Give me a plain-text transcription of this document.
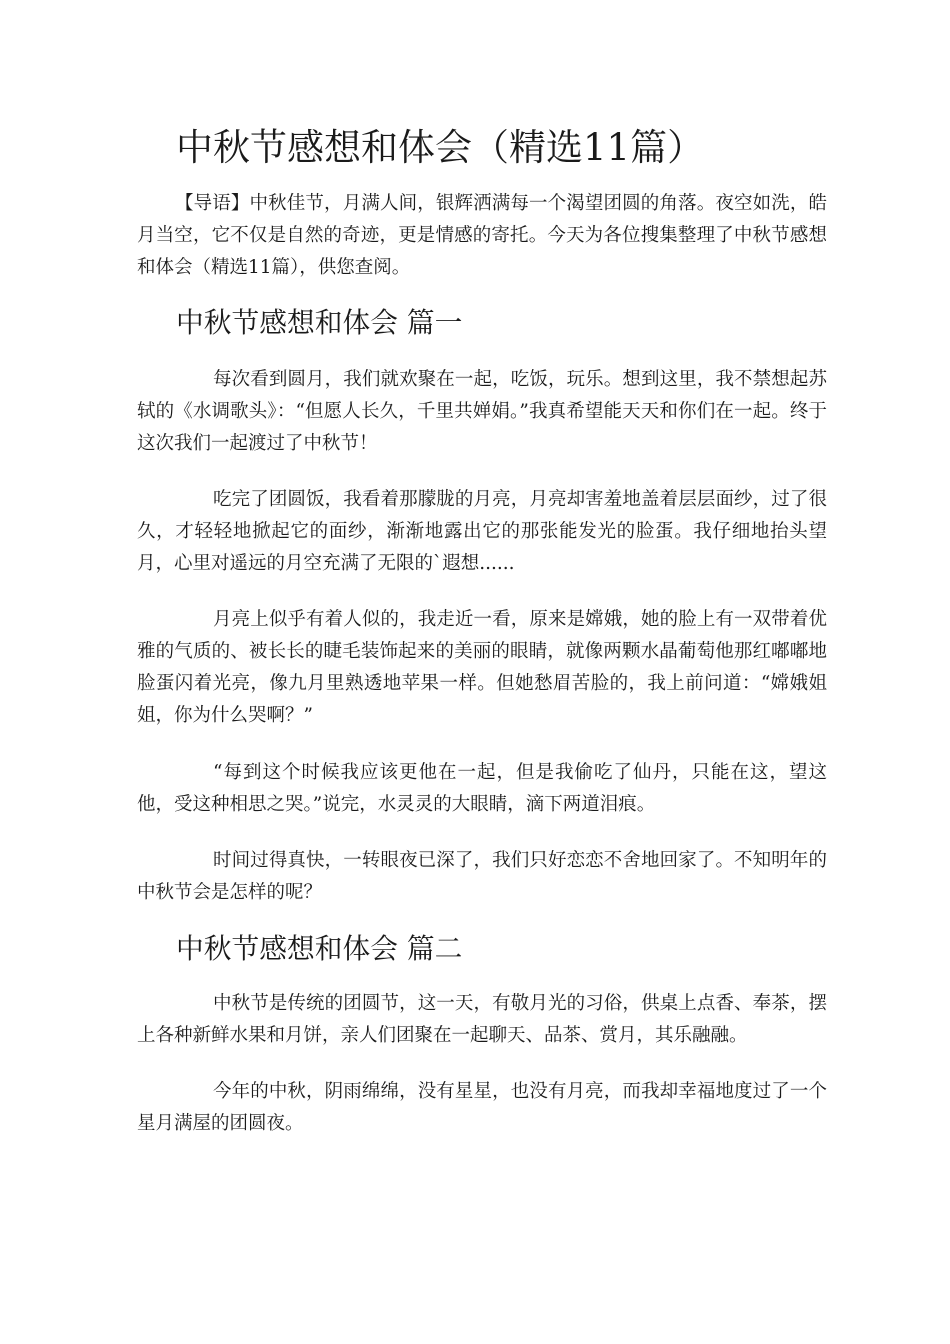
中秋节感想和体会（精选11篇）

【导语】中秋佳节，月满人间，银辉洒满每一个渴望团圆的角落。夜空如洗，皓月当空，它不仅是自然的奇迹，更是情感的寄托。今天为各位搜集整理了中秋节感想和体会（精选11篇），供您查阅。

中秋节感想和体会 篇一

每次看到圆月，我们就欢聚在一起，吃饭，玩乐。想到这里，我不禁想起苏轼的《水调歌头》：“但愿人长久，千里共婵娟。”我真希望能天天和你们在一起。终于这次我们一起渡过了中秋节！

吃完了团圆饭，我看着那朦胧的月亮，月亮却害羞地盖着层层面纱，过了很久，才轻轻地掀起它的面纱，渐渐地露出它的那张能发光的脸蛋。我仔细地抬头望月，心里对遥远的月空充满了无限的`遐想......

月亮上似乎有着人似的，我走近一看，原来是嫦娥，她的脸上有一双带着优雅的气质的、被长长的睫毛装饰起来的美丽的眼睛，就像两颗水晶葡萄他那红嘟嘟地脸蛋闪着光亮，像九月里熟透地苹果一样。但她愁眉苦脸的，我上前问道：“嫦娥姐姐，你为什么哭啊？”

“每到这个时候我应该更他在一起，但是我偷吃了仙丹，只能在这，望这他，受这种相思之哭。”说完，水灵灵的大眼睛，滴下两道泪痕。

时间过得真快，一转眼夜已深了，我们只好恋恋不舍地回家了。不知明年的中秋节会是怎样的呢？

中秋节感想和体会 篇二

中秋节是传统的团圆节，这一天，有敬月光的习俗，供桌上点香、奉茶，摆上各种新鲜水果和月饼，亲人们团聚在一起聊天、品茶、赏月，其乐融融。

今年的中秋，阴雨绵绵，没有星星，也没有月亮，而我却幸福地度过了一个星月满屋的团圆夜。
